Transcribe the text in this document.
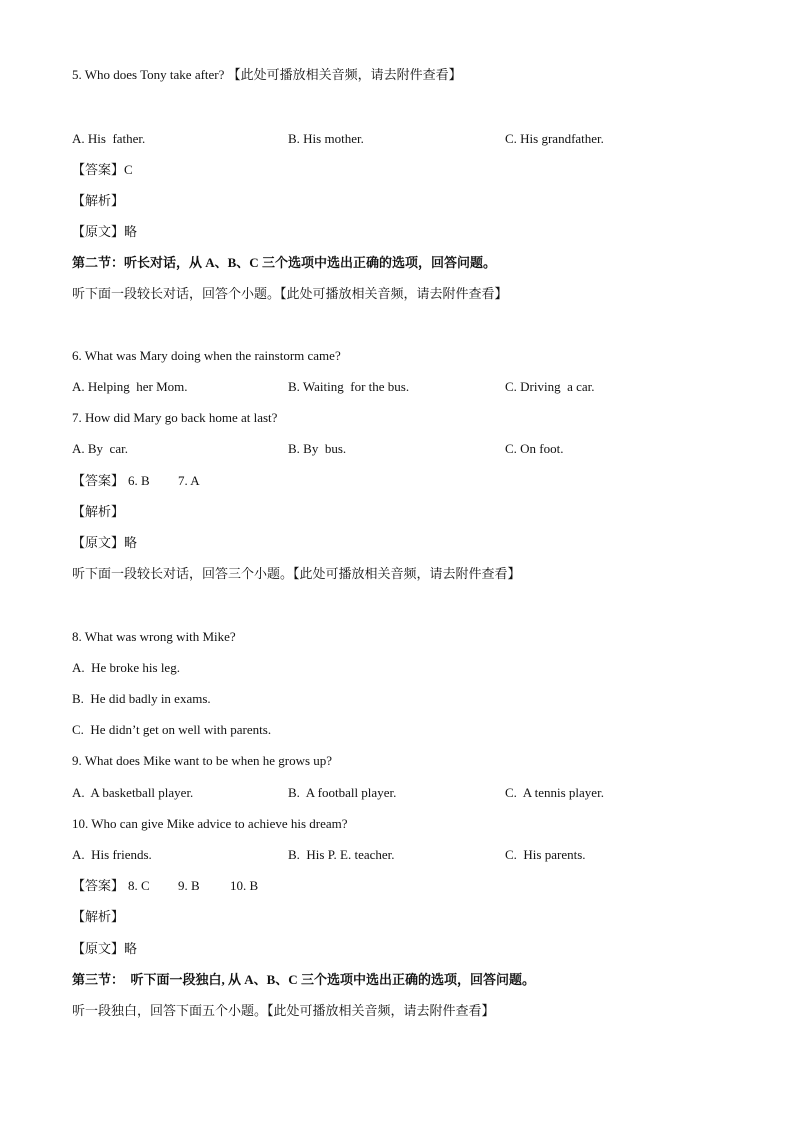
5. Who does Tony take after? 【此处可播放相关音频，请去附件查看】
A. His  father.	B. His mother.	C. His grandfather.
【答案】C
【解析】
【原文】略
第二节：听长对话，从 A、B、C 三个选项中选出正确的选项，回答问题。
听下面一段较长对话，回答个小题。【此处可播放相关音频，请去附件查看】
6. What was Mary doing when the rainstorm came?
A. Helping  her Mom.	B. Waiting  for the bus.	C. Driving  a car.
7. How did Mary go back home at last?
A. By  car.	B. By  bus.	C. On foot.
【答案】 6. B 7. A
【解析】
【原文】略
听下面一段较长对话，回答三个小题。【此处可播放相关音频，请去附件查看】
8. What was wrong with Mike?
A.  He broke his leg.
B.  He did badly in exams.
C.  He didn’t get on well with parents.
9. What does Mike want to be when he grows up?
A.  A basketball player.	B.  A football player.	C.  A tennis player.
10. Who can give Mike advice to achieve his dream?
A.  His friends.	B.  His P. E. teacher.	C.  His parents.
【答案】 8. C 9. B 10. B
【解析】
【原文】略
第三节：  听下面一段独白, 从 A、B、C 三个选项中选出正确的选项，回答问题。
听一段独白，回答下面五个小题。【此处可播放相关音频，请去附件查看】
